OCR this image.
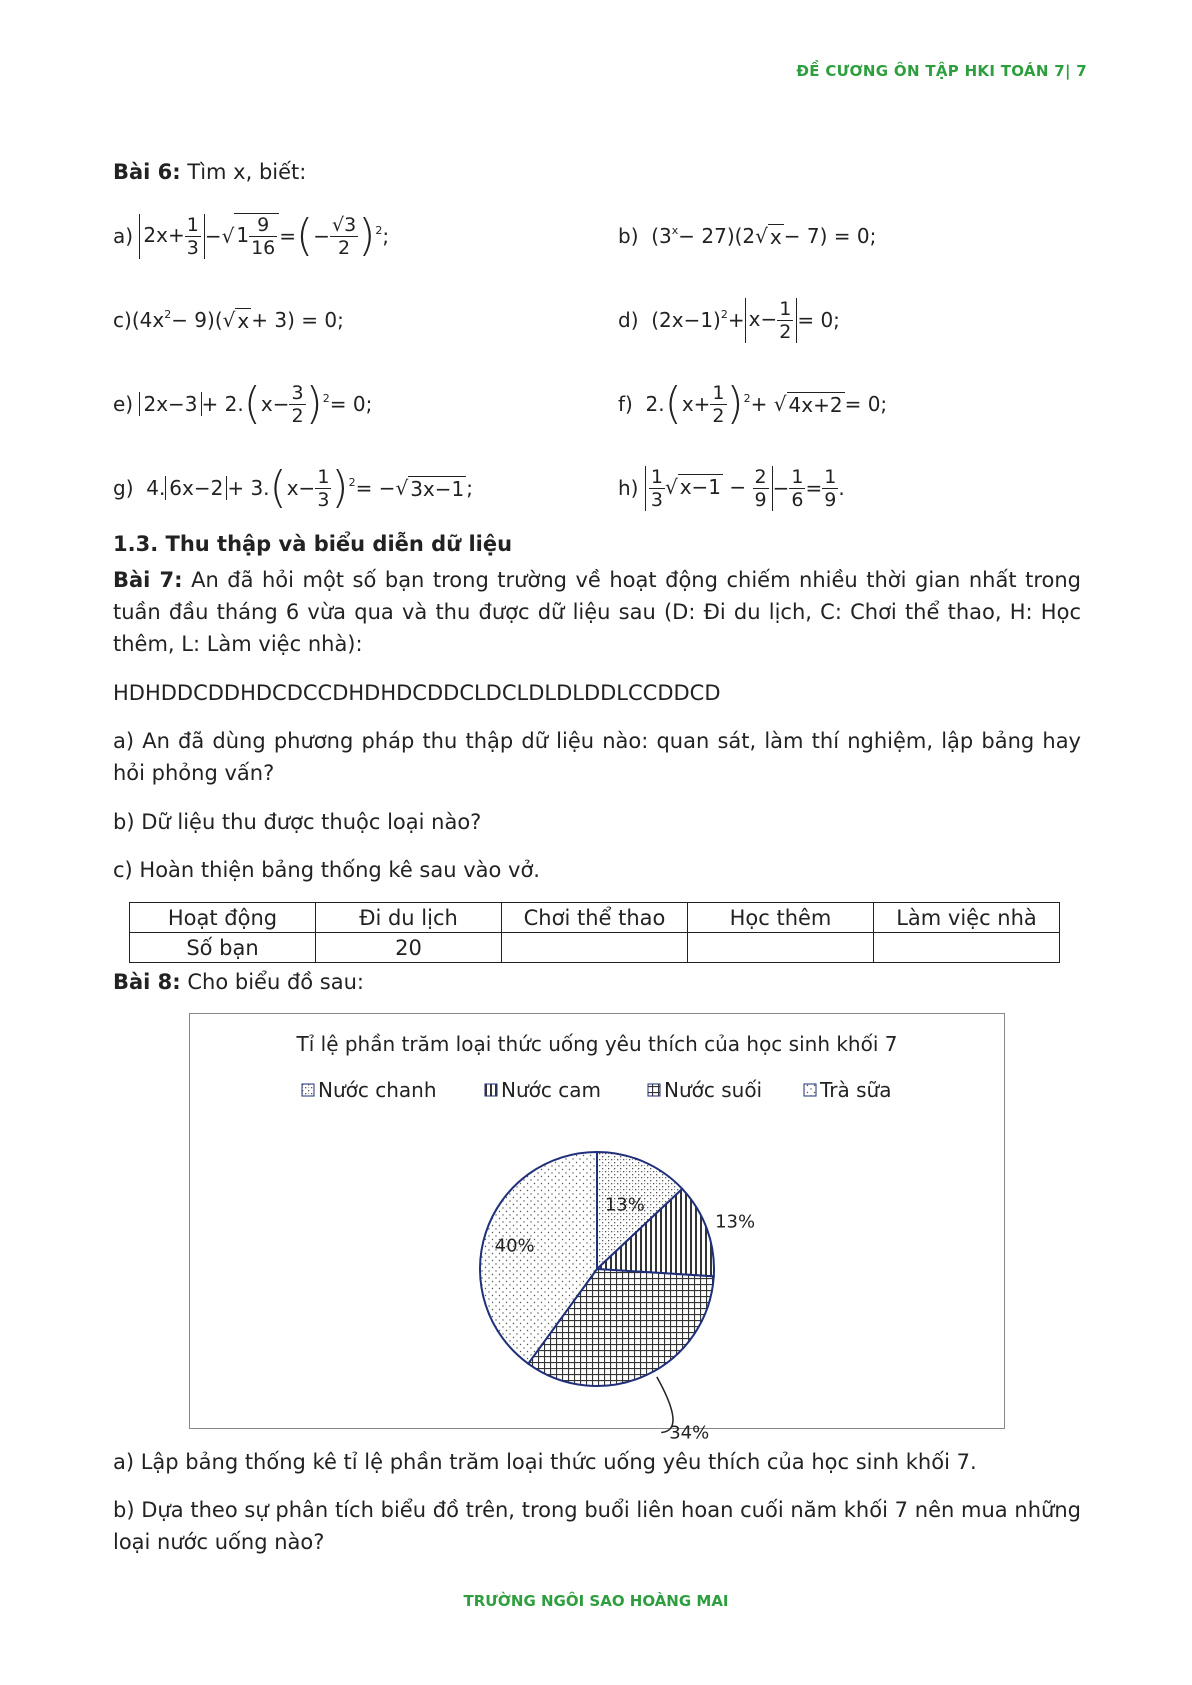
ĐỀ CƯƠNG ÔN TẬP HKI TOÁN 7| 7
Bài 6: Tìm x, biết:
a)
$2x+ \frac{1}{3}$ −√ $1 \frac{9}{16}$ = ( − $\frac{√3}{2}$ ) 2 ;	b) (3 x − 27)(2√ x − 7) = 0;
c) (4x 2 − 9)(√ x + 3) = 0;	d) (2x−1) $2 + x- \frac{1}{2} = 0$;
e)
2x−3 + 2. ( $x- \frac{3}{2}$ ) 2 = 0;	f) 2. ( $x+ \frac{1}{2}$ ) 2 + √ 4x+2 = 0;
g) 4. 6x−2 + 3. ( $x- \frac{1}{3}$ ) 2 = −√ 3x−1 ;	h)
$\frac{1}{3}$ √ $x-1 - \frac{2}{9} - \frac{1}{6} = \frac{1}{9}$ .
1.3. Thu thập và biểu diễn dữ liệu
Bài 7: An đã hỏi một số bạn trong trường về hoạt động chiếm nhiều thời gian nhất trong tuần đầu tháng 6 vừa qua và thu được dữ liệu sau (D: Đi du lịch, C: Chơi thể thao, H: Học thêm, L: Làm việc nhà):
HDHDDCDDHDCDCCDHDHDCDDCLDCLDLDLDDLCCDDCD
a) An đã dùng phương pháp thu thập dữ liệu nào: quan sát, làm thí nghiệm, lập bảng hay hỏi phỏng vấn?
b) Dữ liệu thu được thuộc loại nào?
c) Hoàn thiện bảng thống kê sau vào vở.
Hoạt động	Đi du lịch	Chơi thể thao	Học thêm	Làm việc nhà
Số bạn	20			
Bài 8: Cho biểu đồ sau:
Tỉ lệ phần trăm loại thức uống yêu thích của học sinh khối 7
Nước chanh	Nước cam	Nước suối	Trà sữa
13%
13%
34%
40%
a) Lập bảng thống kê tỉ lệ phần trăm loại thức uống yêu thích của học sinh khối 7.
b) Dựa theo sự phân tích biểu đồ trên, trong buổi liên hoan cuối năm khối 7 nên mua những loại nước uống nào?
TRƯỜNG NGÔI SAO HOÀNG MAI
